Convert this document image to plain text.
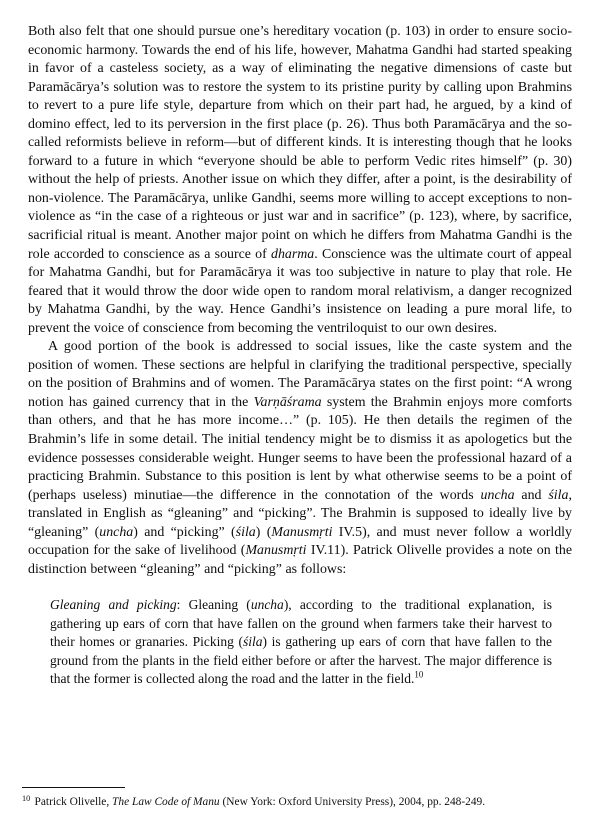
Both also felt that one should pursue one’s hereditary vocation (p. 103) in order to ensure socio-economic harmony. Towards the end of his life, however, Mahatma Gandhi had started speaking in favor of a casteless society, as a way of eliminating the negative dimensions of caste but Paramācārya’s solution was to restore the system to its pristine purity by calling upon Brahmins to revert to a pure life style, departure from which on their part had, he argued, by a kind of domino effect, led to its perversion in the first place (p. 26). Thus both Paramācārya and the so-called reformists believe in reform—but of different kinds. It is interesting though that he looks forward to a future in which “everyone should be able to perform Vedic rites himself” (p. 30) without the help of priests. Another issue on which they differ, after a point, is the desirability of non-violence. The Paramācārya, unlike Gandhi, seems more willing to accept exceptions to non-violence as “in the case of a righteous or just war and in sacrifice” (p. 123), where, by sacrifice, sacrificial ritual is meant. Another major point on which he differs from Mahatma Gandhi is the role accorded to conscience as a source of dharma. Conscience was the ultimate court of appeal for Mahatma Gandhi, but for Paramācārya it was too subjective in nature to play that role. He feared that it would throw the door wide open to random moral relativism, a danger recognized by Mahatma Gandhi, by the way. Hence Gandhi’s insistence on leading a pure moral life, to prevent the voice of conscience from becoming the ventriloquist to our own desires.

A good portion of the book is addressed to social issues, like the caste system and the position of women. These sections are helpful in clarifying the traditional perspective, specially on the position of Brahmins and of women. The Paramācārya states on the first point: “A wrong notion has gained currency that in the Varṇāśrama system the Brahmin enjoys more comforts than others, and that he has more income…” (p. 105). He then details the regimen of the Brahmin’s life in some detail. The initial tendency might be to dismiss it as apologetics but the evidence possesses considerable weight. Hunger seems to have been the professional hazard of a practicing Brahmin. Substance to this position is lent by what otherwise seems to be a point of (perhaps useless) minutiae—the difference in the connotation of the words uncha and śila, translated in English as “gleaning” and “picking”. The Brahmin is supposed to ideally live by “gleaning” (uncha) and “picking” (śila) (Manusmṛti IV.5), and must never follow a worldly occupation for the sake of livelihood (Manusmṛti IV.11). Patrick Olivelle provides a note on the distinction between “gleaning” and “picking” as follows:

Gleaning and picking: Gleaning (uncha), according to the traditional explanation, is gathering up ears of corn that have fallen on the ground when farmers take their harvest to their homes or granaries. Picking (śila) is gathering up ears of corn that have fallen to the ground from the plants in the field either before or after the harvest. The major difference is that the former is collected along the road and the latter in the field.$^{10}$

$^{10}$ Patrick Olivelle, The Law Code of Manu (New York: Oxford University Press), 2004, pp. 248-249.
